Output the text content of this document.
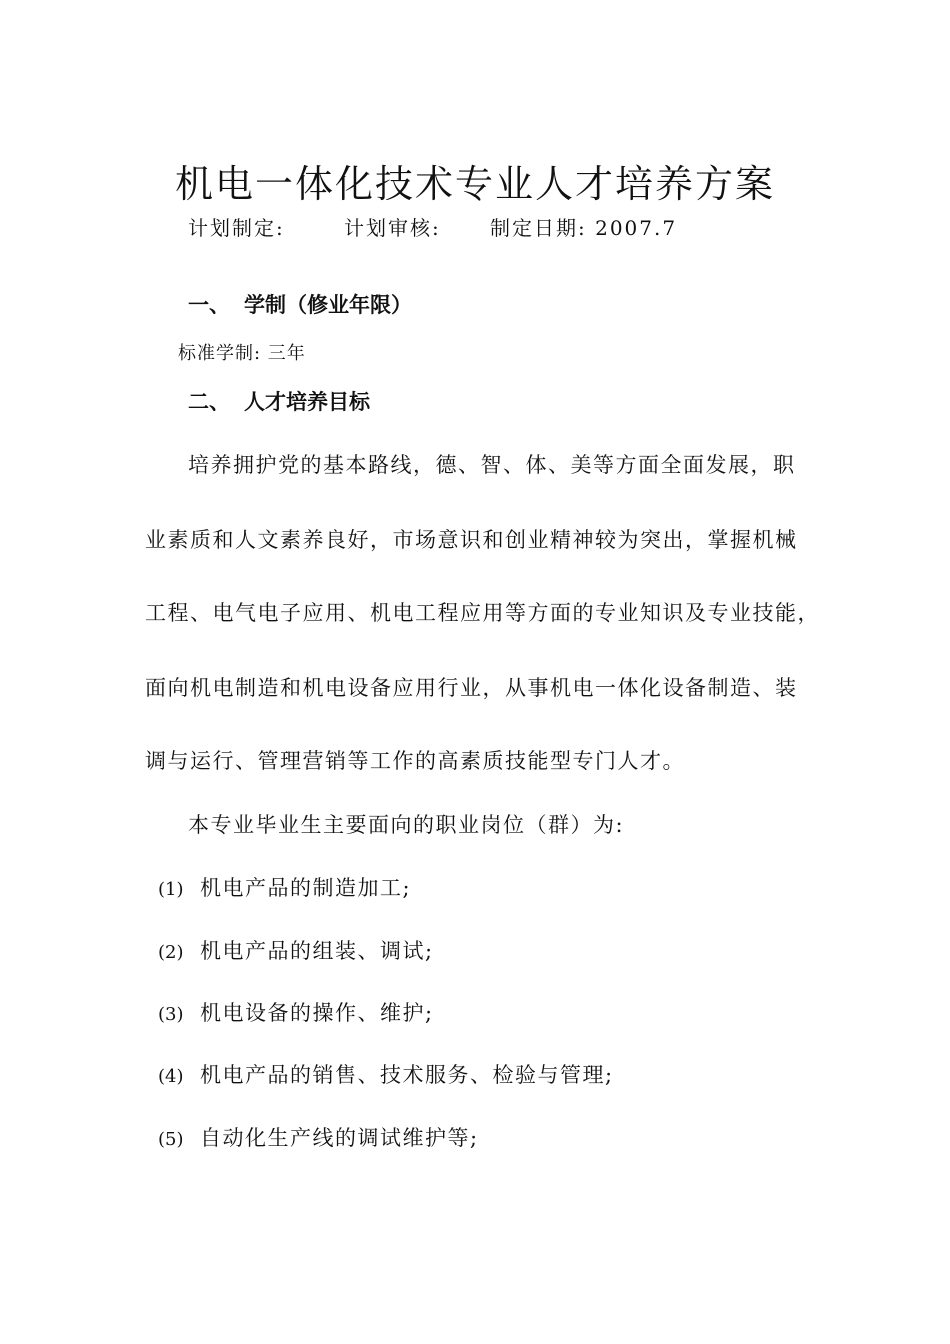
机电一体化技术专业人才培养方案
计划制定:	计划审核: 制定日期: 2007.7
一、 学制（修业年限）
标准学制: 三年
二、 人才培养目标
培养拥护党的基本路线，德、智、体、美等方面全面发展，职
业素质和人文素养良好，市场意识和创业精神较为突出，掌握机械
工程、电气电子应用、机电工程应用等方面的专业知识及专业技能，
面向机电制造和机电设备应用行业，从事机电一体化设备制造、装
调与运行、管理营销等工作的高素质技能型专门人才。
本专业毕业生主要面向的职业岗位（群）为:
(1) 机电产品的制造加工;
(2) 机电产品的组装、调试;
(3) 机电设备的操作、维护;
(4) 机电产品的销售、技术服务、检验与管理;
(5) 自动化生产线的调试维护等;
